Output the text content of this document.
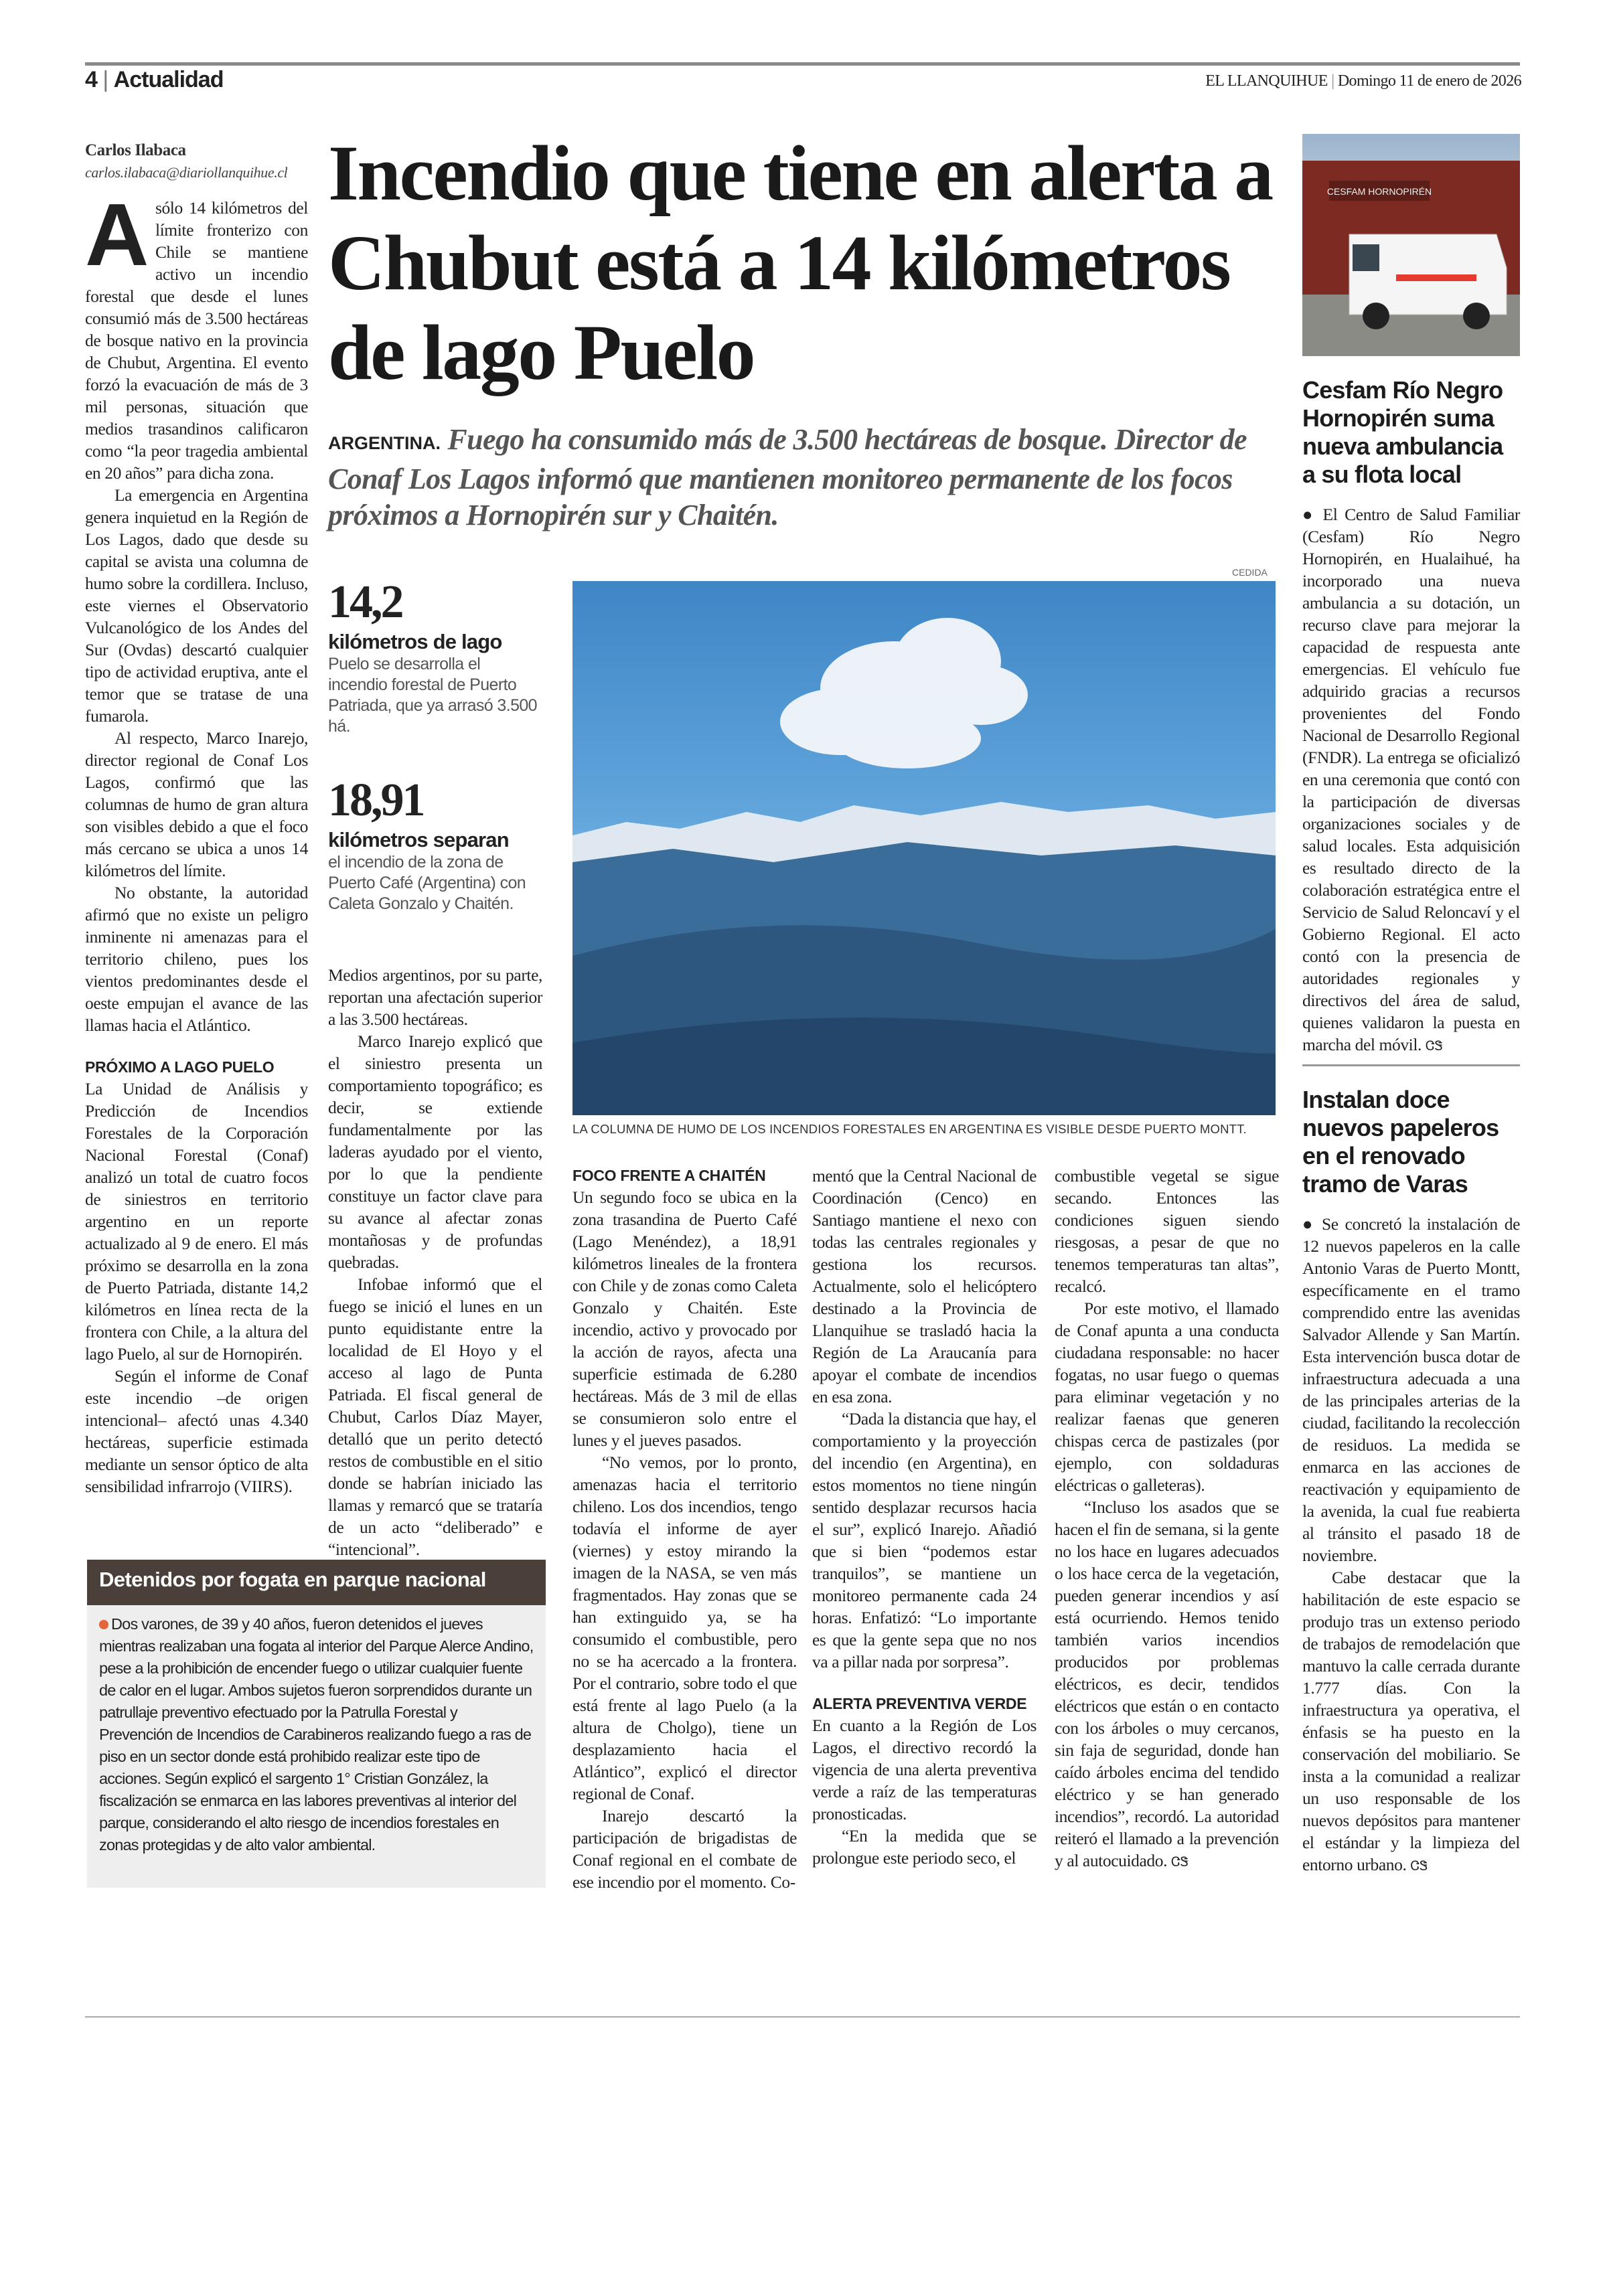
4 | Actualidad	EL LLANQUIHUE | Domingo 11 de enero de 2026
Carlos Ilabaca
carlos.ilabaca@diariollanquihue.cl

Asólo 14 kilómetros del límite fronterizo con Chile se mantiene activo un incendio forestal que desde el lunes consumió más de 3.500 hectáreas de bosque nativo en la provincia de Chubut, Argentina. El evento forzó la evacuación de más de 3 mil personas, situación que medios trasandinos calificaron como “la peor tragedia ambiental en 20 años” para dicha zona.

La emergencia en Argentina genera inquietud en la Región de Los Lagos, dado que desde su capital se avista una columna de humo sobre la cordillera. Incluso, este viernes el Observatorio Vulcanológico de los Andes del Sur (Ovdas) descartó cualquier tipo de actividad eruptiva, ante el temor que se tratase de una fumarola.

Al respecto, Marco Inarejo, director regional de Conaf Los Lagos, confirmó que las columnas de humo de gran altura son visibles debido a que el foco más cercano se ubica a unos 14 kilómetros del límite.

No obstante, la autoridad afirmó que no existe un peligro inminente ni amenazas para el territorio chileno, pues los vientos predominantes desde el oeste empujan el avance de las llamas hacia el Atlántico.

PRÓXIMO A LAGO PUELO

La Unidad de Análisis y Predicción de Incendios Forestales de la Corporación Nacional Forestal (Conaf) analizó un total de cuatro focos de siniestros en territorio argentino en un reporte actualizado al 9 de enero. El más próximo se desarrolla en la zona de Puerto Patriada, distante 14,2 kilómetros en línea recta de la frontera con Chile, a la altura del lago Puelo, al sur de Hornopirén.

Según el informe de Conaf este incendio –de origen intencional– afectó unas 4.340 hectáreas, superficie estimada mediante un sensor óptico de alta sensibilidad infrarrojo (VIIRS).

Incendio que tiene en alerta a Chubut está a 14 kilómetros de lago Puelo
ARGENTINA. Fuego ha consumido más de 3.500 hectáreas de bosque. Director de Conaf Los Lagos informó que mantienen monitoreo permanente de los focos próximos a Hornopirén sur y Chaitén.
14,2
kilómetros de lago
Puelo se desarrolla el incendio forestal de Puerto Patriada, que ya arrasó 3.500 há.
18,91
kilómetros separan
el incendio de la zona de Puerto Café (Argentina) con Caleta Gonzalo y Chaitén.
CEDIDA
LA COLUMNA DE HUMO DE LOS INCENDIOS FORESTALES EN ARGENTINA ES VISIBLE DESDE PUERTO MONTT.

Medios argentinos, por su parte, reportan una afectación superior a las 3.500 hectáreas.

Marco Inarejo explicó que el siniestro presenta un comportamiento topográfico; es decir, se extiende fundamentalmente por las laderas ayudado por el viento, por lo que la pendiente constituye un factor clave para su avance al afectar zonas montañosas y de profundas quebradas.

Infobae informó que el fuego se inició el lunes en un punto equidistante entre la localidad de El Hoyo y el acceso al lago de Punta Patriada. El fiscal general de Chubut, Carlos Díaz Mayer, detalló que un perito detectó restos de combustible en el sitio donde se habrían iniciado las llamas y remarcó que se trataría de un acto “deliberado” e “intencional”.

Detenidos por fogata en parque nacional
Dos varones, de 39 y 40 años, fueron detenidos el jueves mientras realizaban una fogata al interior del Parque Alerce Andino, pese a la prohibición de encender fuego o utilizar cualquier fuente de calor en el lugar. Ambos sujetos fueron sorprendidos durante un patrullaje preventivo efectuado por la Patrulla Forestal y Prevención de Incendios de Carabineros realizando fuego a ras de piso en un sector donde está prohibido realizar este tipo de acciones. Según explicó el sargento 1° Cristian González, la fiscalización se enmarca en las labores preventivas al interior del parque, considerando el alto riesgo de incendios forestales en zonas protegidas y de alto valor ambiental.
FOCO FRENTE A CHAITÉN

Un segundo foco se ubica en la zona trasandina de Puerto Café (Lago Menéndez), a 18,91 kilómetros lineales de la frontera con Chile y de zonas como Caleta Gonzalo y Chaitén. Este incendio, activo y provocado por la acción de rayos, afecta una superficie estimada de 6.280 hectáreas. Más de 3 mil de ellas se consumieron solo entre el lunes y el jueves pasados.

“No vemos, por lo pronto, amenazas hacia el territorio chileno. Los dos incendios, tengo todavía el informe de ayer (viernes) y estoy mirando la imagen de la NASA, se ven más fragmentados. Hay zonas que se han extinguido ya, se ha consumido el combustible, pero no se ha acercado a la frontera. Por el contrario, sobre todo el que está frente al lago Puelo (a la altura de Cholgo), tiene un desplazamiento hacia el Atlántico”, explicó el director regional de Conaf.

Inarejo descartó la participación de brigadistas de Conaf regional en el combate de ese incendio por el momento. Co-

mentó que la Central Nacional de Coordinación (Cenco) en Santiago mantiene el nexo con todas las centrales regionales y gestiona los recursos. Actualmente, solo el helicóptero destinado a la Provincia de Llanquihue se trasladó hacia la Región de La Araucanía para apoyar el combate de incendios en esa zona.

“Dada la distancia que hay, el comportamiento y la proyección del incendio (en Argentina), en estos momentos no tiene ningún sentido desplazar recursos hacia el sur”, explicó Inarejo. Añadió que si bien “podemos estar tranquilos”, se mantiene un monitoreo permanente cada 24 horas. Enfatizó: “Lo importante es que la gente sepa que no nos va a pillar nada por sorpresa”.

ALERTA PREVENTIVA VERDE

En cuanto a la Región de Los Lagos, el directivo recordó la vigencia de una alerta preventiva verde a raíz de las temperaturas pronosticadas.

“En la medida que se prolongue este periodo seco, el

combustible vegetal se sigue secando. Entonces las condiciones siguen siendo riesgosas, a pesar de que no tenemos temperaturas tan altas”, recalcó.

Por este motivo, el llamado de Conaf apunta a una conducta ciudadana responsable: no hacer fogatas, no usar fuego o quemas para eliminar vegetación y no realizar faenas que generen chispas cerca de pastizales (por ejemplo, con soldaduras eléctricas o galleteras).

“Incluso los asados que se hacen el fin de semana, si la gente no los hace en lugares adecuados o los hace cerca de la vegetación, pueden generar incendios y así está ocurriendo. Hemos tenido también varios incendios producidos por problemas eléctricos, es decir, tendidos eléctricos que están o en contacto con los árboles o muy cercanos, sin faja de seguridad, donde han caído árboles encima del tendido eléctrico y se han generado incendios”, recordó. La autoridad reiteró el llamado a la prevención y al autocuidado. ᏣᏕ

CESFAM HORNOPIRÉN
Cesfam Río Negro Hornopirén suma nueva ambulancia a su flota local

● El Centro de Salud Familiar (Cesfam) Río Negro Hornopirén, en Hualaihué, ha incorporado una nueva ambulancia a su dotación, un recurso clave para mejorar la capacidad de respuesta ante emergencias. El vehículo fue adquirido gracias a recursos provenientes del Fondo Nacional de Desarrollo Regional (FNDR). La entrega se oficializó en una ceremonia que contó con la participación de diversas organizaciones sociales y de salud locales. Esta adquisición es resultado directo de la colaboración estratégica entre el Servicio de Salud Reloncaví y el Gobierno Regional. El acto contó con la presencia de autoridades regionales y directivos del área de salud, quienes validaron la puesta en marcha del móvil. ᏣᏕ

Instalan doce nuevos papeleros en el renovado tramo de Varas

● Se concretó la instalación de 12 nuevos papeleros en la calle Antonio Varas de Puerto Montt, específicamente en el tramo comprendido entre las avenidas Salvador Allende y San Martín. Esta intervención busca dotar de infraestructura adecuada a una de las principales arterias de la ciudad, facilitando la recolección de residuos. La medida se enmarca en las acciones de reactivación y equipamiento de la avenida, la cual fue reabierta al tránsito el pasado 18 de noviembre.

Cabe destacar que la habilitación de este espacio se produjo tras un extenso periodo de trabajos de remodelación que mantuvo la calle cerrada durante 1.777 días. Con la infraestructura ya operativa, el énfasis se ha puesto en la conservación del mobiliario. Se insta a la comunidad a realizar un uso responsable de los nuevos depósitos para mantener el estándar y la limpieza del entorno urbano. ᏣᏕ
